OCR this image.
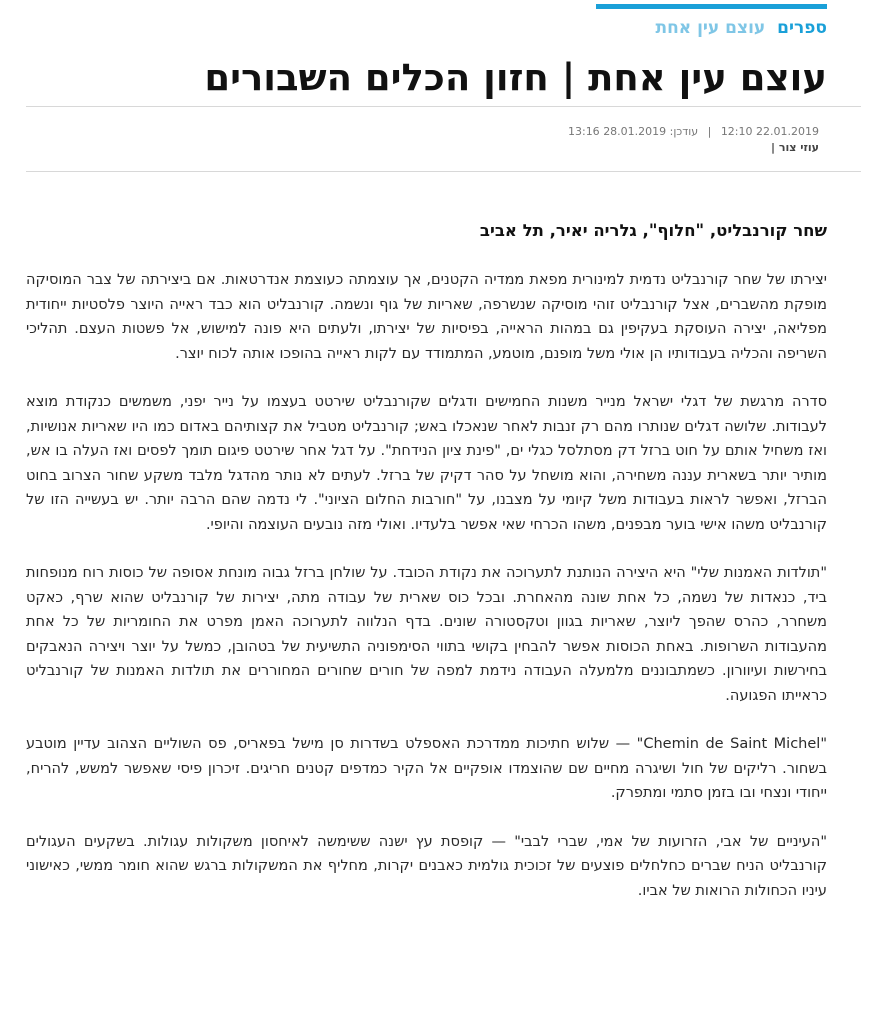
ספרים עוצם עין אחת
עוצם עין אחת | חזון הכלים השבורים
22.01.2019 12:10 | עודכן: 28.01.2019 13:16
עוזי צור |
שחר קורנבליט, "חלוף", גלריה יאיר, תל אביב

יצירתו של שחר קורנבליט נדמית למינורית מפאת ממדיה הקטנים, אך עוצמתה כעוצמת אנדרטאות. אם ביצירתה של צבר המוסיקה מופקת מהשברים, אצל קורנבליט זוהי מוסיקה שנשרפה, שאריות של גוף ונשמה. קורנבליט הוא כבד ראייה היוצר פלסטיות ייחודית מפליאה, יצירה העוסקת בעקיפין גם במהות הראייה, בפיסיות של יצירתו, ולעתים היא פונה למישוש, אל פשטות העצם. תהליכי השריפה והכליה בעבודותיו הן אולי משל מופנם, מוטמע, המתמודד עם לקות ראייה בהופכו אותה לכוח יוצר.

סדרה מרגשת של דגלי ישראל מנייר משנות החמישים ודגלים שקורנבליט שירטט בעצמו על נייר יפני, משמשים כנקודת מוצא לעבודות. שלושה דגלים שנותרו מהם רק זנבות לאחר שנאכלו באש; קורנבליט מטביל את קצותיהם באדום כמו היו שאריות אנושיות, ואז משחיל אותם על חוט ברזל דק מסתלסל כגלי ים, "פינת ציון הנידחת". על דגל אחר שירטט פיגום תומך לפסים ואז העלה בו אש, מותיר יותר בשארית עננה משחירה, והוא מושחל על סהר דקיק של ברזל. לעתים לא נותר מהדגל מלבד משקע שחור הצרוב בחוט הברזל, ואפשר לראות בעבודות משל קיומי על מצבנו, על "חורבות החלום הציוני". לי נדמה שהם הרבה יותר. יש בעשייה הזו של קורנבליט משהו אישי בוער מבפנים, משהו הכרחי שאי אפשר בלעדיו. ואולי מזה נובעים העוצמה והיופי.

"תולדות האמנות שלי" היא היצירה הנותנת לתערוכה את נקודת הכובד. על שולחן ברזל גבוה מונחת אסופה של כוסות רוח מנופחות ביד, כנאדות של נשמה, כל אחת שונה מהאחרת. ובכל כוס שארית של עבודה מתה, יצירות של קורנבליט שהוא שרף, כאקט משחרר, כהרס שהפך ליוצר, שאריות בגוון וטקסטורה שונים. בדף הנלווה לתערוכה האמן מפרט את החומריות של כל אחת מהעבודות השרופות. באחת הכוסות אפשר להבחין בקושי בתווי הסימפוניה התשיעית של בטהובן, כמשל על יוצר ויצירה הנאבקים בחירשות ועיוורון. כשמתבוננים מלמעלה העבודה נידמת למפה של חורים שחורים המחוררים את תולדות האמנות של קורנבליט כראייתו הפגועה.

"Chemin de Saint Michel" — שלוש חתיכות ממדרכת האספלט בשדרות סן מישל בפאריס, פס השוליים הצהוב עדיין מוטבע בשחור. רליקים של חול ושיגרה מחיים שם שהוצמדו אופקיים אל הקיר כמדפים קטנים חריגים. זיכרון פיסי שאפשר למשש, להריח, ייחודי ונצחי ובו בזמן סתמי ומתפרק.

"העיניים של אבי, הזרועות של אמי, שברי לבבי" — קופסת עץ ישנה ששימשה לאיחסון משקולות עגולות. בשקעים העגולים קורנבליט הניח שברים כחלחלים פוצעים של זכוכית גולמית כאבנים יקרות, מחליף את המשקולות ברגש שהוא חומר ממשי, כאישוני עיניו הכחולות הרואות של אביו.
